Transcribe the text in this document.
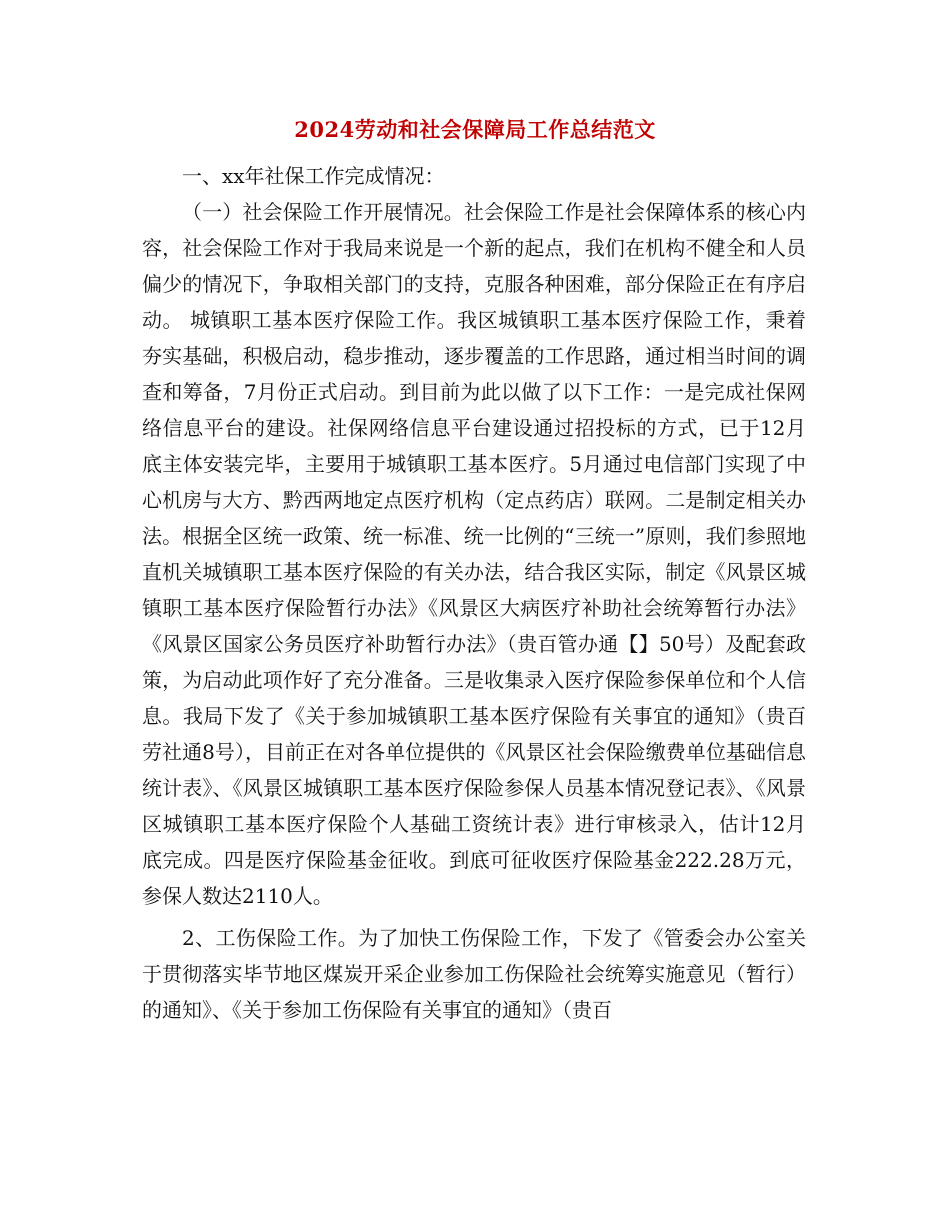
2024劳动和社会保障局工作总结范文

一、xx年社保工作完成情况：

（一）社会保险工作开展情况。社会保险工作是社会保障体系的核心内容，社会保险工作对于我局来说是一个新的起点，我们在机构不健全和人员偏少的情况下，争取相关部门的支持，克服各种困难，部分保险正在有序启动。 城镇职工基本医疗保险工作。我区城镇职工基本医疗保险工作，秉着夯实基础，积极启动，稳步推动，逐步覆盖的工作思路，通过相当时间的调查和筹备，7月份正式启动。到目前为此以做了以下工作：一是完成社保网络信息平台的建设。社保网络信息平台建设通过招投标的方式，已于12月底主体安装完毕，主要用于城镇职工基本医疗。5月通过电信部门实现了中心机房与大方、黔西两地定点医疗机构（定点药店）联网。二是制定相关办法。根据全区统一政策、统一标准、统一比例的“三统一”原则，我们参照地直机关城镇职工基本医疗保险的有关办法，结合我区实际，制定《风景区城镇职工基本医疗保险暂行办法》《风景区大病医疗补助社会统筹暂行办法》《风景区国家公务员医疗补助暂行办法》（贵百管办通【】50号）及配套政策，为启动此项作好了充分准备。三是收集录入医疗保险参保单位和个人信息。我局下发了《关于参加城镇职工基本医疗保险有关事宜的通知》（贵百劳社通8号），目前正在对各单位提供的《风景区社会保险缴费单位基础信息统计表》、《风景区城镇职工基本医疗保险参保人员基本情况登记表》、《风景区城镇职工基本医疗保险个人基础工资统计表》进行审核录入，估计12月底完成。四是医疗保险基金征收。到底可征收医疗保险基金222.28万元，参保人数达2110人。

2、工伤保险工作。为了加快工伤保险工作，下发了《管委会办公室关于贯彻落实毕节地区煤炭开采企业参加工伤保险社会统筹实施意见（暂行）的通知》、《关于参加工伤保险有关事宜的通知》（贵百
